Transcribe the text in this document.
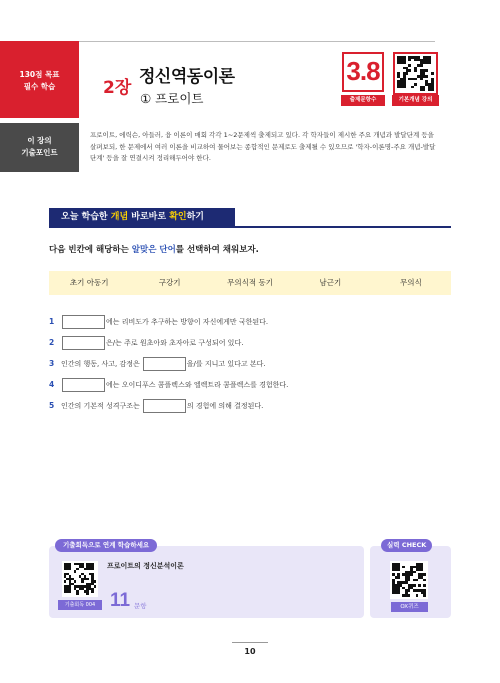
130점 목표
필수 학습
이 장의
기출포인트
2장
정신역동이론
① 프로이트
3.8
출제문항수	기본개념 강의
프로이트, 에릭슨, 아들러, 융 이론이 매회 각각 1~2문제씩 출제되고 있다. 각 학자들이 제시한 주요 개념과 발달단계 등을 살펴보되, 한 문제에서 여러 이론을 비교하여 물어보는 종합적인 문제로도 출제될 수 있으므로 '학자-이론명-주요 개념-발달단계' 등을 잘 연결시켜 정리해두어야 한다.
오늘 학습한 개념 바로바로 확인하기
다음 빈칸에 해당하는 알맞은 단어를 선택하여 채워보자.
초기 아동기	구강기	무의식적 동기	남근기	무의식
1	에는 리비도가 추구하는 방향이 자신에게만 국한된다.
2	은/는 주로 원초아와 초자아로 구성되어 있다.
3 인간의 행동, 사고, 감정은	을/를 지니고 있다고 본다.
4	에는 오이디푸스 콤플렉스와 엘렉트라 콤플렉스를 경험한다.
5 인간의 기본적 성격구조는	의 경험에 의해 결정된다.
기출회독으로 연계 학습하세요
기출회독 004
프로이트의 정신분석이론
11 문항
실력 CHECK
OX퀴즈
10
